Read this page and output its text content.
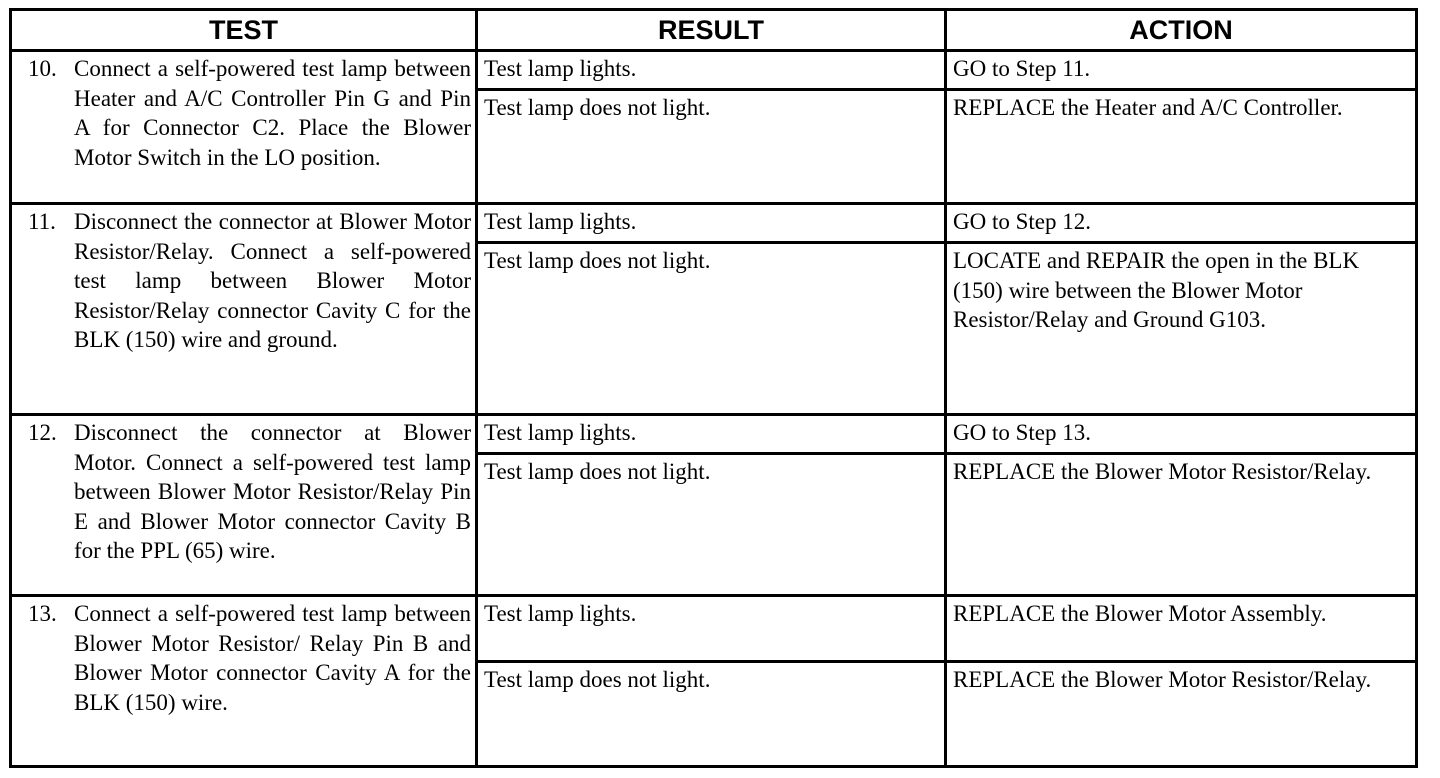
TEST	RESULT	ACTION

10. Connect a self-powered test lamp between Heater and A/C Controller Pin G and Pin A for Connector C2. Place the Blower Motor Switch in the LO position.	Test lamp lights.	GO to Step 11.
	Test lamp does not light.	REPLACE the Heater and A/C Controller.

11. Disconnect the connector at Blower Motor Resistor/Relay. Connect a self-powered test lamp between Blower Motor Resistor/Relay connector Cavity C for the BLK (150) wire and ground.	Test lamp lights.	GO to Step 12.
	Test lamp does not light.	LOCATE and REPAIR the open in the BLK (150) wire between the Blower Motor Resistor/Relay and Ground G103.

12. Disconnect the connector at Blower Motor. Connect a self-powered test lamp between Blower Motor Resistor/Relay Pin E and Blower Motor connector Cavity B for the PPL (65) wire.	Test lamp lights.	GO to Step 13.
	Test lamp does not light.	REPLACE the Blower Motor Resistor/Relay.

13. Connect a self-powered test lamp between Blower Motor Resistor/ Relay Pin B and Blower Motor connector Cavity A for the BLK (150) wire.	Test lamp lights.	REPLACE the Blower Motor Assembly.
	Test lamp does not light.	REPLACE the Blower Motor Resistor/Relay.
